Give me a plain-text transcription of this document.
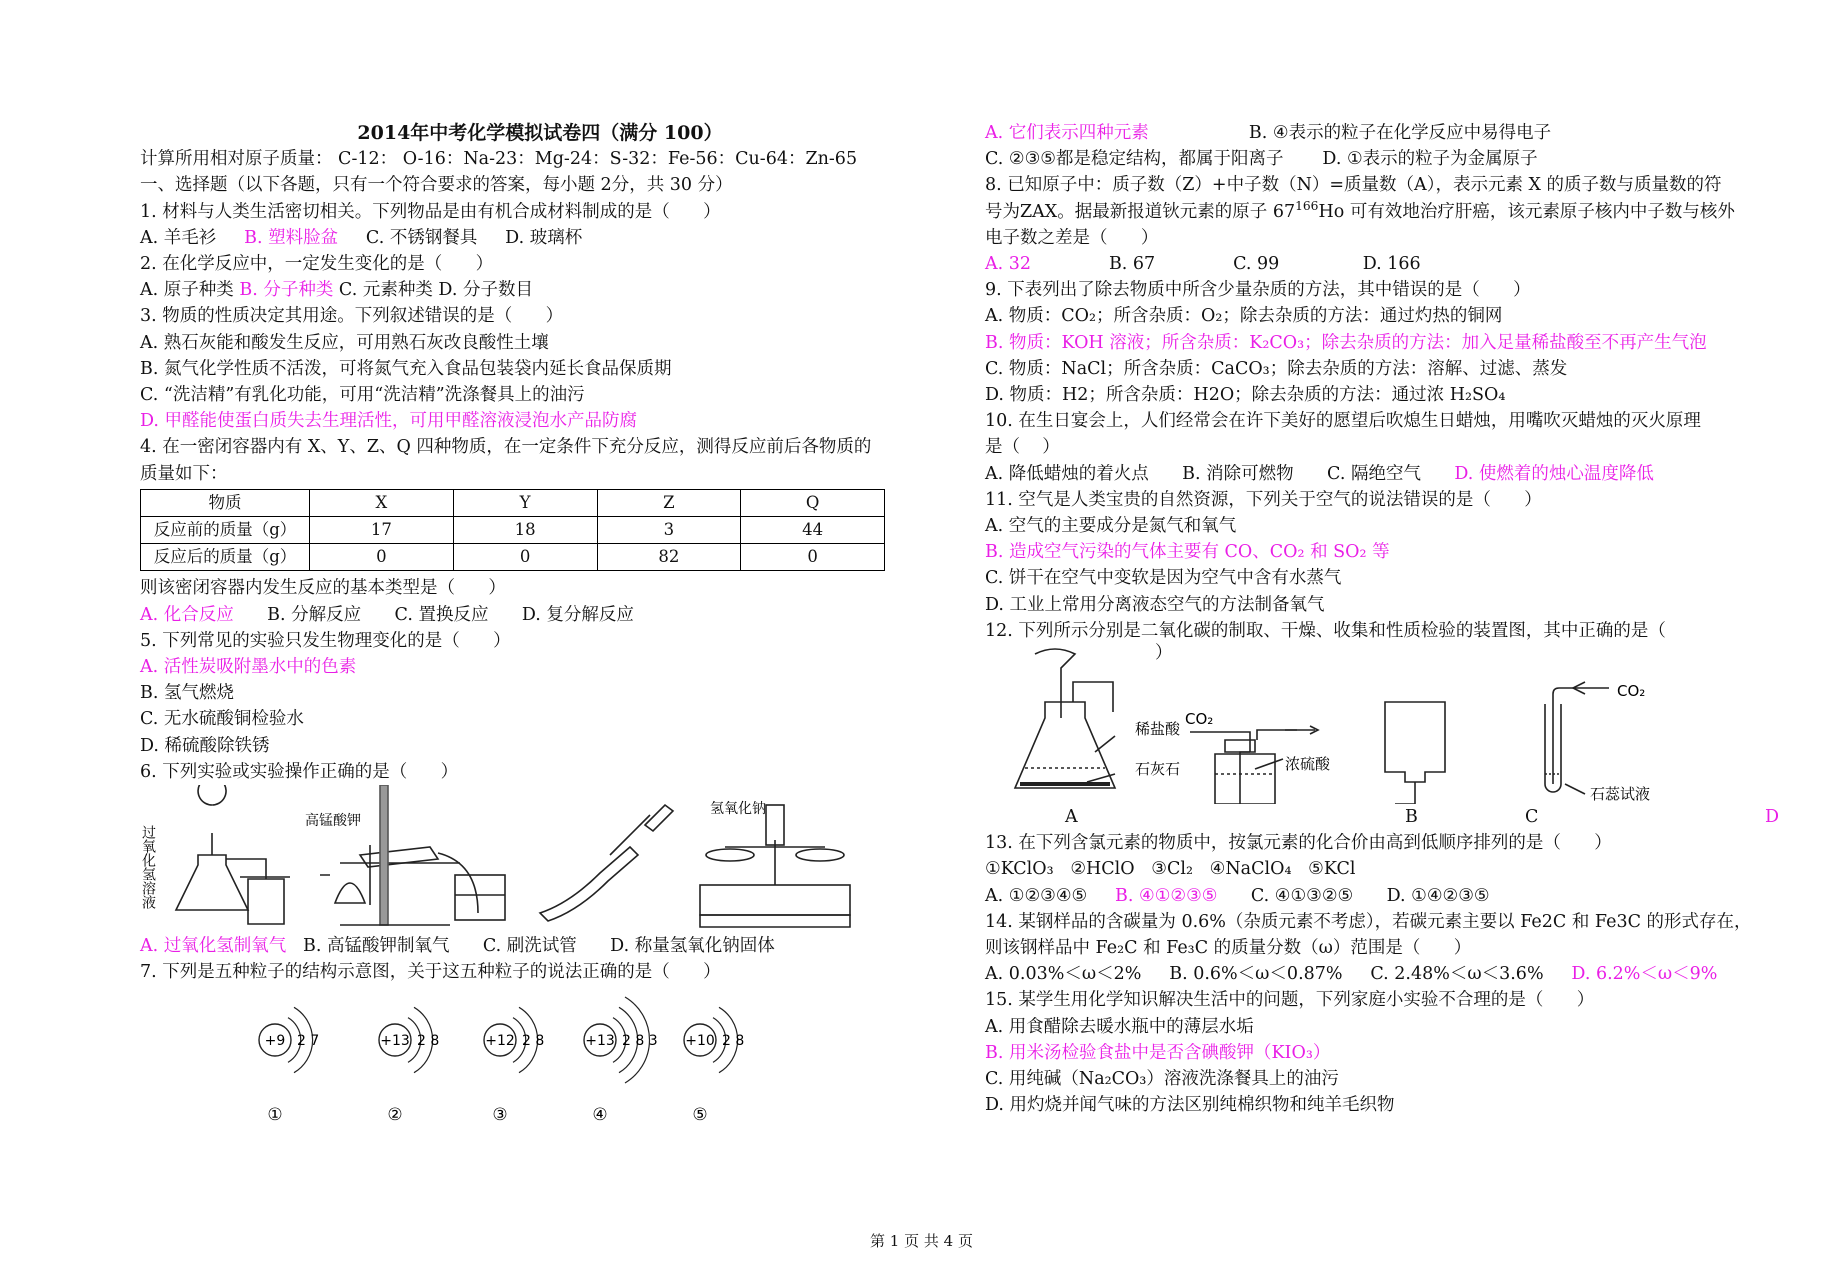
2014年中考化学模拟试卷四（满分 100）
计算所用相对原子质量： C-12： O-16：Na-23：Mg-24：S-32：Fe-56：Cu-64：Zn-65
一、选择题（以下各题，只有一个符合要求的答案，每小题 2分，共 30 分）
1. 材料与人类生活密切相关。下列物品是由有机合成材料制成的是（      ）
A. 羊毛衫 B. 塑料脸盆 C. 不锈钢餐具 D. 玻璃杯
2. 在化学反应中，一定发生变化的是（      ）
A. 原子种类 B. 分子种类 C. 元素种类 D. 分子数目
3. 物质的性质决定其用途。下列叙述错误的是（      ）
A. 熟石灰能和酸发生反应，可用熟石灰改良酸性土壤
B. 氮气化学性质不活泼，可将氮气充入食品包装袋内延长食品保质期
C. “洗洁精”有乳化功能，可用“洗洁精”洗涤餐具上的油污
D. 甲醛能使蛋白质失去生理活性，可用甲醛溶液浸泡水产品防腐
4. 在一密闭容器内有 X、Y、Z、Q 四种物质，在一定条件下充分反应，测得反应前后各物质的
质量如下：
物质	X	Y	Z	Q
反应前的质量（g）	17	18	3	44
反应后的质量（g）	0	0	82	0
则该密闭容器内发生反应的基本类型是（      ）
A. 化合反应 B. 分解反应 C. 置换反应 D. 复分解反应
5. 下列常见的实验只发生物理变化的是（      ）
A. 活性炭吸附墨水中的色素
B. 氢气燃烧
C. 无水硫酸铜检验水
D. 稀硫酸除铁锈
6. 下列实验或实验操作正确的是（      ）
过氧化氢溶液
高锰酸钾
氢氧化钠
A. 过氧化氢制氧气 B. 高锰酸钾制氧气 C. 刷洗试管 D. 称量氢氧化钠固体
7. 下列是五种粒子的结构示意图，关于这五种粒子的说法正确的是（      ）
+9 2 7
①
+13 2 8
②
+12 2 8
③
+13 2 8 3
④
+10 2 8
⑤
A. 它们表示四种元素	B. ④表示的粒子在化学反应中易得电子
C. ②③⑤都是稳定结构，都属于阳离子 D. ①表示的粒子为金属原子
8. 已知原子中：质子数（Z）+中子数（N）=质量数（A），表示元素 X 的质子数与质量数的符
号为ZAX。据最新报道钬元素的原子 $67^{166}Ho$ 可有效地治疗肝癌，该元素原子核内中子数与核外
电子数之差是（      ）
A. 32	B. 67	C. 99	D. 166
9. 下表列出了除去物质中所含少量杂质的方法，其中错误的是（      ）
A. 物质：CO₂；所含杂质：O₂；除去杂质的方法：通过灼热的铜网
B. 物质：KOH 溶液；所含杂质：K₂CO₃；除去杂质的方法：加入足量稀盐酸至不再产生气泡
C. 物质：NaCl；所含杂质：CaCO₃；除去杂质的方法：溶解、过滤、蒸发
D. 物质：H2；所含杂质：H2O；除去杂质的方法：通过浓 H₂SO₄
10. 在生日宴会上，人们经常会在许下美好的愿望后吹熄生日蜡烛，用嘴吹灭蜡烛的灭火原理
是（    ）
A. 降低蜡烛的着火点 B. 消除可燃物 C. 隔绝空气 D. 使燃着的烛心温度降低
11. 空气是人类宝贵的自然资源，下列关于空气的说法错误的是（      ）
A. 空气的主要成分是氮气和氧气
B. 造成空气污染的气体主要有 CO、CO₂ 和 SO₂ 等
C. 饼干在空气中变软是因为空气中含有水蒸气
D. 工业上常用分离液态空气的方法制备氧气
12. 下列所示分别是二氧化碳的制取、干燥、收集和性质检验的装置图，其中正确的是（
）
稀盐酸
石灰石
CO₂
浓硫酸
CO₂
石蕊试液
A	B	C	D
13. 在下列含氯元素的物质中，按氯元素的化合价由高到低顺序排列的是（      ）
①KClO₃   ②HClO   ③Cl₂   ④NaClO₄   ⑤KCl
A. ①②③④⑤ B. ④①②③⑤ C. ④①③②⑤ D. ①④②③⑤
14. 某钢样品的含碳量为 0.6%（杂质元素不考虑），若碳元素主要以 Fe2C 和 Fe3C 的形式存在，
则该钢样品中 Fe₂C 和 Fe₃C 的质量分数（ω）范围是（      ）
A. 0.03%＜ω＜2% B. 0.6%＜ω＜0.87% C. 2.48%＜ω＜3.6% D. 6.2%＜ω＜9%
15. 某学生用化学知识解决生活中的问题，下列家庭小实验不合理的是（      ）
A. 用食醋除去暖水瓶中的薄层水垢
B. 用米汤检验食盐中是否含碘酸钾（KIO₃）
C. 用纯碱（Na₂CO₃）溶液洗涤餐具上的油污
D. 用灼烧并闻气味的方法区别纯棉织物和纯羊毛织物
第 1 页 共 4 页
